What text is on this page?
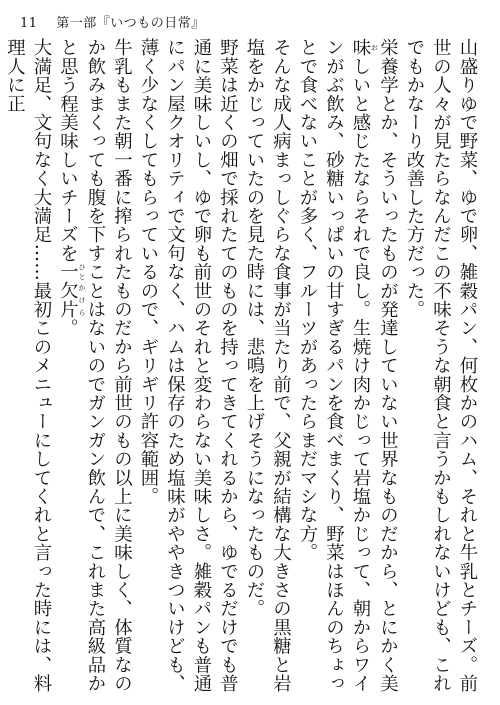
11 第一部『いつもの日常』

山盛りゆで野菜、ゆで卵、雑穀パン、何枚かのハム、それと牛乳とチーズ。前世の人々が見たらなんだこの不味そうな朝食と言うかもしれないけども、これでもかなーり改善した方だった。

栄養学とか、そういったものが発達していない世界なものだから、とにかく美味 おしいと感じたならそれで良し。生焼け肉かじって岩塩かじって、朝からワインがぶ飲み、砂糖いっぱいの甘すぎるパンを食べまくり、野菜はほんのちょっとで食べないことが多く、フルーツがあったらまだマシな方。

そんな成人病まっしぐらな食事が当たり前で、父親が結構な大きさの黒糖と岩塩をかじっていたのを見た時には、悲鳴を上げそうになったものだ。

野菜は近くの畑で採れたてのものを持ってきてくれるから、ゆでるだけでも普通に美味しいし、ゆで卵も前世のそれと変わらない美味しさ。雑穀パンも普通にパン屋クオリティで文句なく、ハムは保存のため塩味がややきついけども、薄く少なくしてもらっているので、ギリギリ許容範囲。

牛乳もまた朝一番に搾られたものだから前世のもの以上に美味しく、体質なのか飲みまくっても腹を下すことはないのでガンガン飲んで、これまた高級品かと思う程美味しいチーズを一 ひと欠片 かけら。

大満足、文句なく大満足……最初このメニューにしてくれと言った時には、料理人に正
